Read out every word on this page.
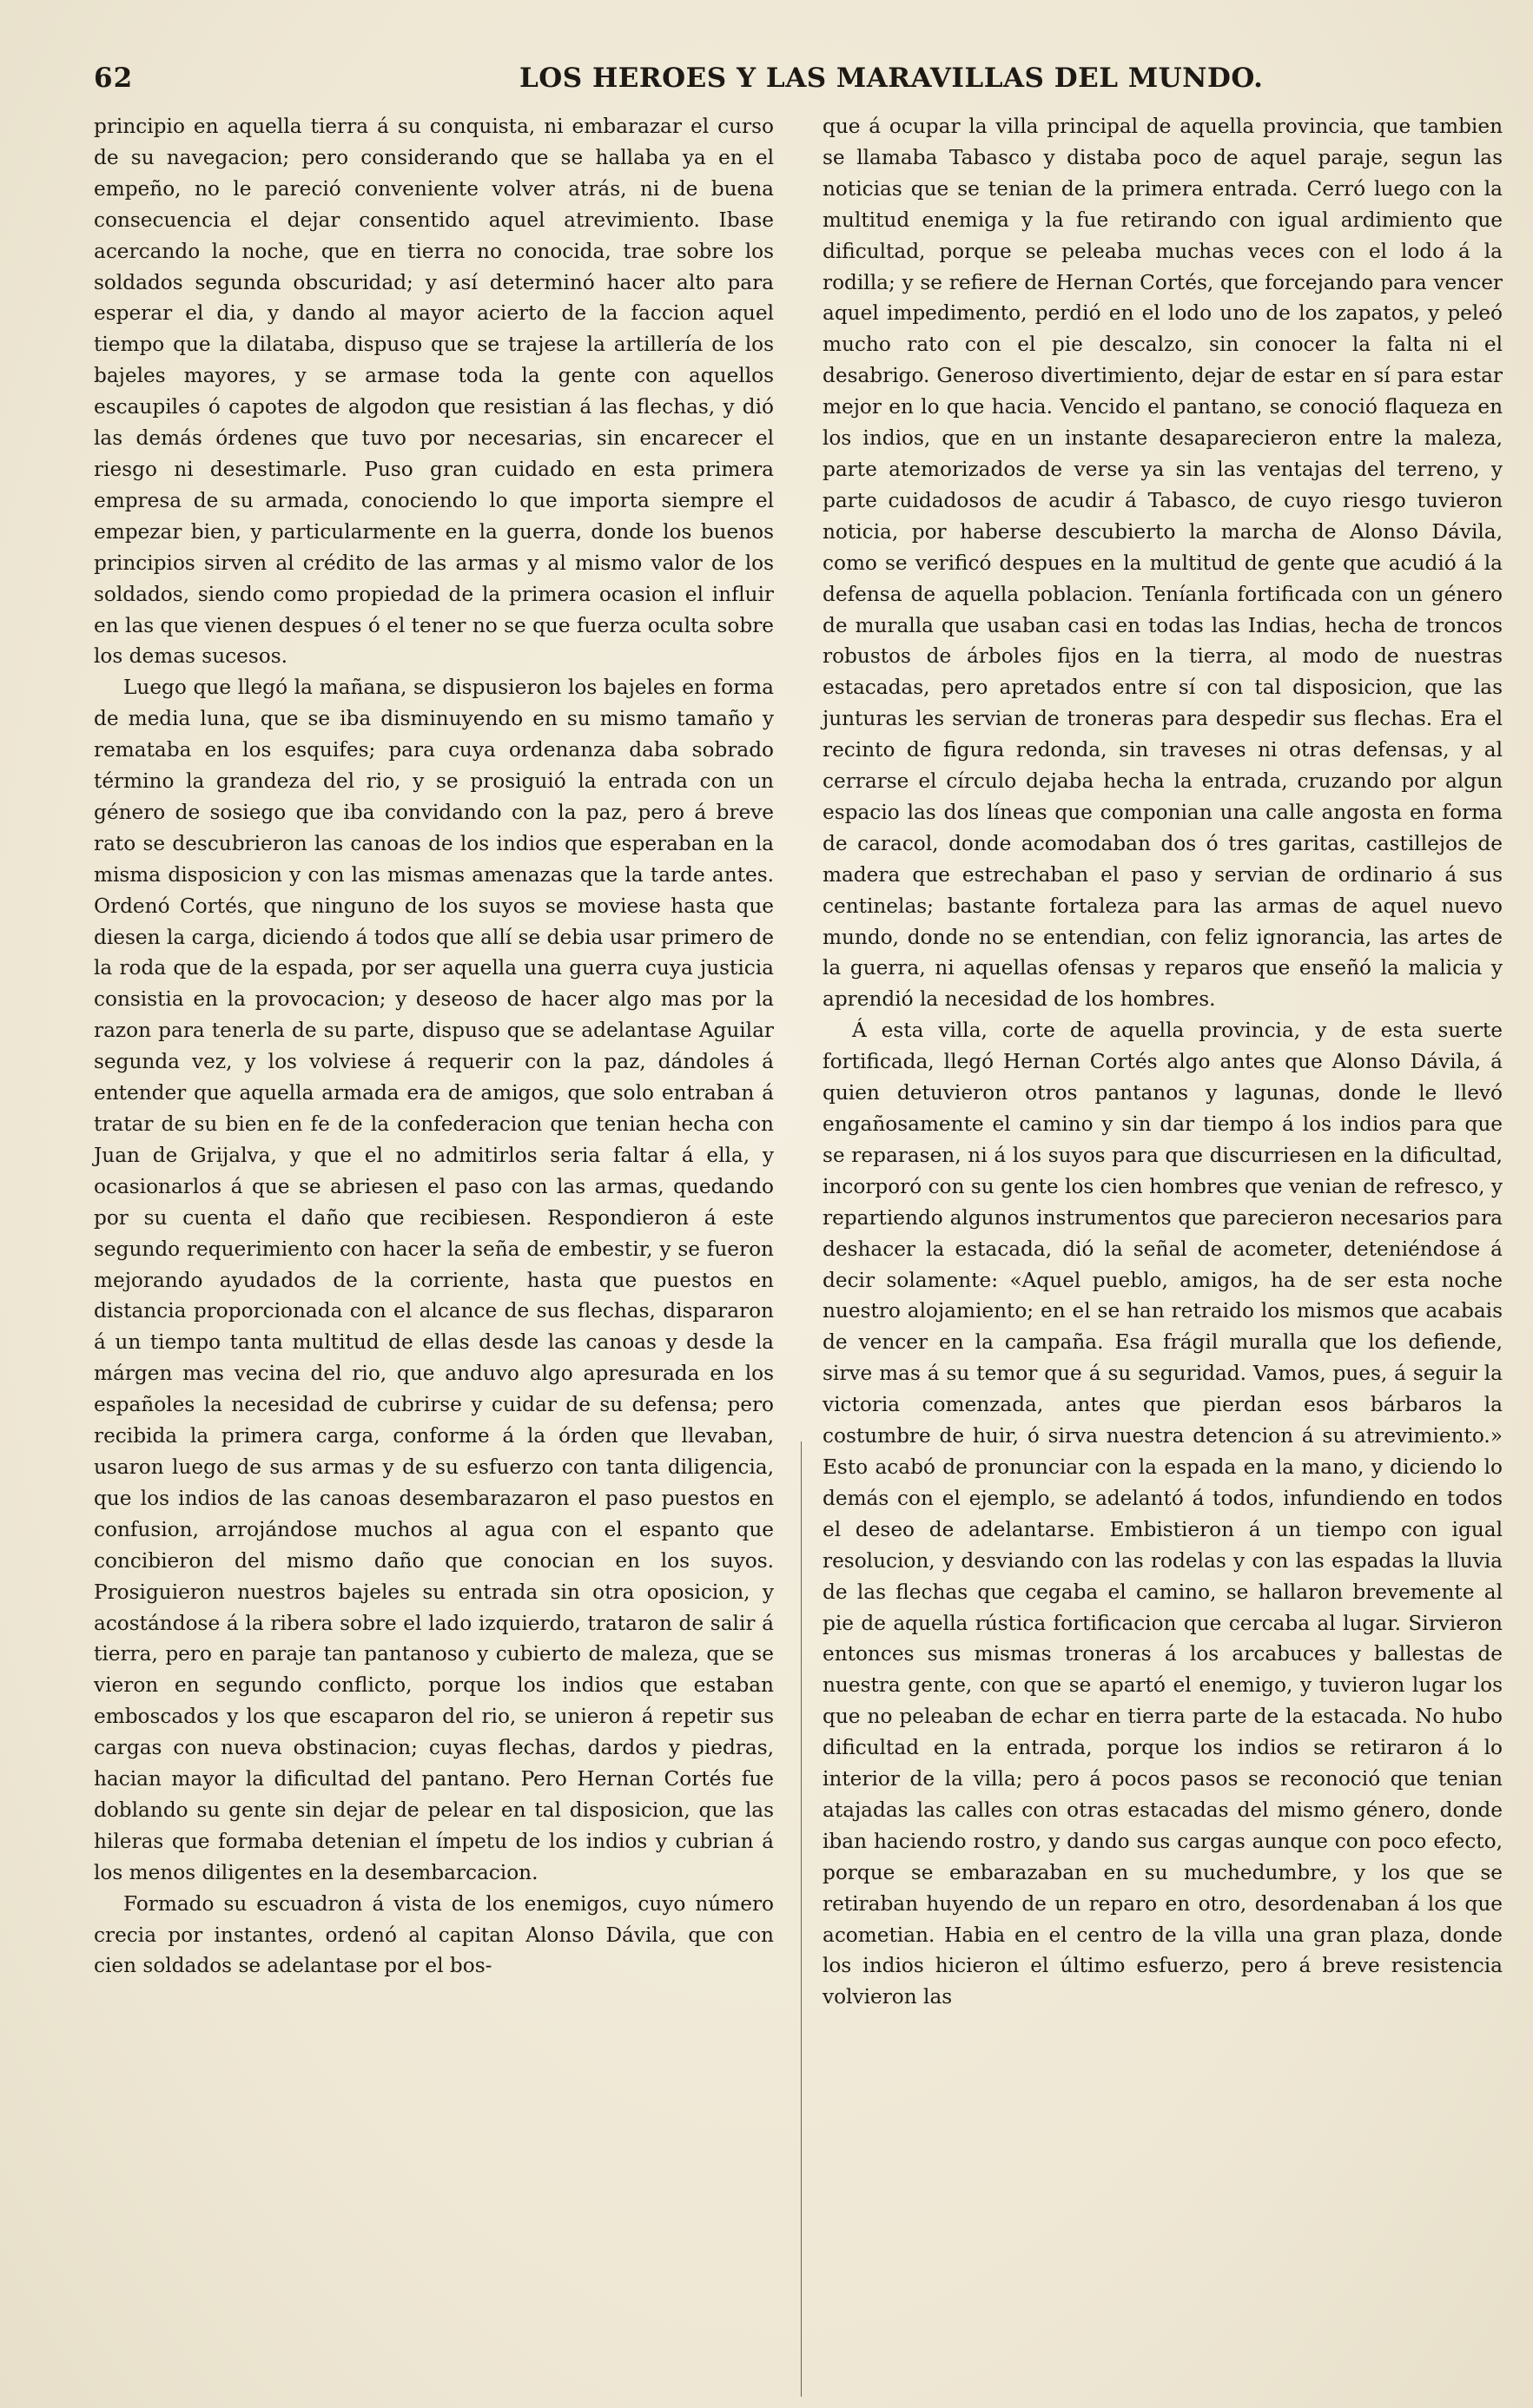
62	LOS HEROES Y LAS MARAVILLAS DEL MUNDO.

principio en aquella tierra á su conquista, ni embarazar el curso de su navegacion; pero considerando que se hallaba ya en el empeño, no le pareció conveniente volver atrás, ni de buena consecuencia el dejar consentido aquel atrevimiento. Ibase acercando la noche, que en tierra no conocida, trae sobre los soldados segunda obscuridad; y así determinó hacer alto para esperar el dia, y dando al mayor acierto de la faccion aquel tiempo que la dilataba, dispuso que se trajese la artillería de los bajeles mayores, y se armase toda la gente con aquellos escaupiles ó capotes de algodon que resistian á las flechas, y dió las demás órdenes que tuvo por necesarias, sin encarecer el riesgo ni desestimarle. Puso gran cuidado en esta primera empresa de su armada, conociendo lo que importa siempre el empezar bien, y particularmente en la guerra, donde los buenos principios sirven al crédito de las armas y al mismo valor de los soldados, siendo como propiedad de la primera ocasion el influir en las que vienen despues ó el tener no se que fuerza oculta sobre los demas sucesos.

Luego que llegó la mañana, se dispusieron los bajeles en forma de media luna, que se iba disminuyendo en su mismo tamaño y remataba en los esquifes; para cuya ordenanza daba sobrado término la grandeza del rio, y se prosiguió la entrada con un género de sosiego que iba convidando con la paz, pero á breve rato se descubrieron las canoas de los indios que esperaban en la misma disposicion y con las mismas amenazas que la tarde antes. Ordenó Cortés, que ninguno de los suyos se moviese hasta que diesen la carga, diciendo á todos que allí se debia usar primero de la roda que de la espada, por ser aquella una guerra cuya justicia consistia en la provocacion; y deseoso de hacer algo mas por la razon para tenerla de su parte, dispuso que se adelantase Aguilar segunda vez, y los volviese á requerir con la paz, dándoles á entender que aquella armada era de amigos, que solo entraban á tratar de su bien en fe de la confederacion que tenian hecha con Juan de Grijalva, y que el no admitirlos seria faltar á ella, y ocasionarlos á que se abriesen el paso con las armas, quedando por su cuenta el daño que recibiesen. Respondieron á este segundo requerimiento con hacer la seña de embestir, y se fueron mejorando ayudados de la corriente, hasta que puestos en distancia proporcionada con el alcance de sus flechas, dispararon á un tiempo tanta multitud de ellas desde las canoas y desde la márgen mas vecina del rio, que anduvo algo apresurada en los españoles la necesidad de cubrirse y cuidar de su defensa; pero recibida la primera carga, conforme á la órden que llevaban, usaron luego de sus armas y de su esfuerzo con tanta diligencia, que los indios de las canoas desembarazaron el paso puestos en confusion, arrojándose muchos al agua con el espanto que concibieron del mismo daño que conocian en los suyos. Prosiguieron nuestros bajeles su entrada sin otra oposicion, y acostándose á la ribera sobre el lado izquierdo, trataron de salir á tierra, pero en paraje tan pantanoso y cubierto de maleza, que se vieron en segundo conflicto, porque los indios que estaban emboscados y los que escaparon del rio, se unieron á repetir sus cargas con nueva obstinacion; cuyas flechas, dardos y piedras, hacian mayor la dificultad del pantano. Pero Hernan Cortés fue doblando su gente sin dejar de pelear en tal disposicion, que las hileras que formaba detenian el ímpetu de los indios y cubrian á los menos diligentes en la desembarcacion.

Formado su escuadron á vista de los enemigos, cuyo número crecia por instantes, ordenó al capitan Alonso Dávila, que con cien soldados se adelantase por el bos-

que á ocupar la villa principal de aquella provincia, que tambien se llamaba Tabasco y distaba poco de aquel paraje, segun las noticias que se tenian de la primera entrada. Cerró luego con la multitud enemiga y la fue retirando con igual ardimiento que dificultad, porque se peleaba muchas veces con el lodo á la rodilla; y se refiere de Hernan Cortés, que forcejando para vencer aquel impedimento, perdió en el lodo uno de los zapatos, y peleó mucho rato con el pie descalzo, sin conocer la falta ni el desabrigo. Generoso divertimiento, dejar de estar en sí para estar mejor en lo que hacia. Vencido el pantano, se conoció flaqueza en los indios, que en un instante desaparecieron entre la maleza, parte atemorizados de verse ya sin las ventajas del terreno, y parte cuidadosos de acudir á Tabasco, de cuyo riesgo tuvieron noticia, por haberse descubierto la marcha de Alonso Dávila, como se verificó despues en la multitud de gente que acudió á la defensa de aquella poblacion. Teníanla fortificada con un género de muralla que usaban casi en todas las Indias, hecha de troncos robustos de árboles fijos en la tierra, al modo de nuestras estacadas, pero apretados entre sí con tal disposicion, que las junturas les servian de troneras para despedir sus flechas. Era el recinto de figura redonda, sin traveses ni otras defensas, y al cerrarse el círculo dejaba hecha la entrada, cruzando por algun espacio las dos líneas que componian una calle angosta en forma de caracol, donde acomodaban dos ó tres garitas, castillejos de madera que estrechaban el paso y servian de ordinario á sus centinelas; bastante fortaleza para las armas de aquel nuevo mundo, donde no se entendian, con feliz ignorancia, las artes de la guerra, ni aquellas ofensas y reparos que enseñó la malicia y aprendió la necesidad de los hombres.

Á esta villa, corte de aquella provincia, y de esta suerte fortificada, llegó Hernan Cortés algo antes que Alonso Dávila, á quien detuvieron otros pantanos y lagunas, donde le llevó engañosamente el camino y sin dar tiempo á los indios para que se reparasen, ni á los suyos para que discurriesen en la dificultad, incorporó con su gente los cien hombres que venian de refresco, y repartiendo algunos instrumentos que parecieron necesarios para deshacer la estacada, dió la señal de acometer, deteniéndose á decir solamente: «Aquel pueblo, amigos, ha de ser esta noche nuestro alojamiento; en el se han retraido los mismos que acabais de vencer en la campaña. Esa frágil muralla que los defiende, sirve mas á su temor que á su seguridad. Vamos, pues, á seguir la victoria comenzada, antes que pierdan esos bárbaros la costumbre de huir, ó sirva nuestra detencion á su atrevimiento.» Esto acabó de pronunciar con la espada en la mano, y diciendo lo demás con el ejemplo, se adelantó á todos, infundiendo en todos el deseo de adelantarse. Embistieron á un tiempo con igual resolucion, y desviando con las rodelas y con las espadas la lluvia de las flechas que cegaba el camino, se hallaron brevemente al pie de aquella rústica fortificacion que cercaba al lugar. Sirvieron entonces sus mismas troneras á los arcabuces y ballestas de nuestra gente, con que se apartó el enemigo, y tuvieron lugar los que no peleaban de echar en tierra parte de la estacada. No hubo dificultad en la entrada, porque los indios se retiraron á lo interior de la villa; pero á pocos pasos se reconoció que tenian atajadas las calles con otras estacadas del mismo género, donde iban haciendo rostro, y dando sus cargas aunque con poco efecto, porque se embarazaban en su muchedumbre, y los que se retiraban huyendo de un reparo en otro, desordenaban á los que acometian. Habia en el centro de la villa una gran plaza, donde los indios hicieron el último esfuerzo, pero á breve resistencia volvieron las
